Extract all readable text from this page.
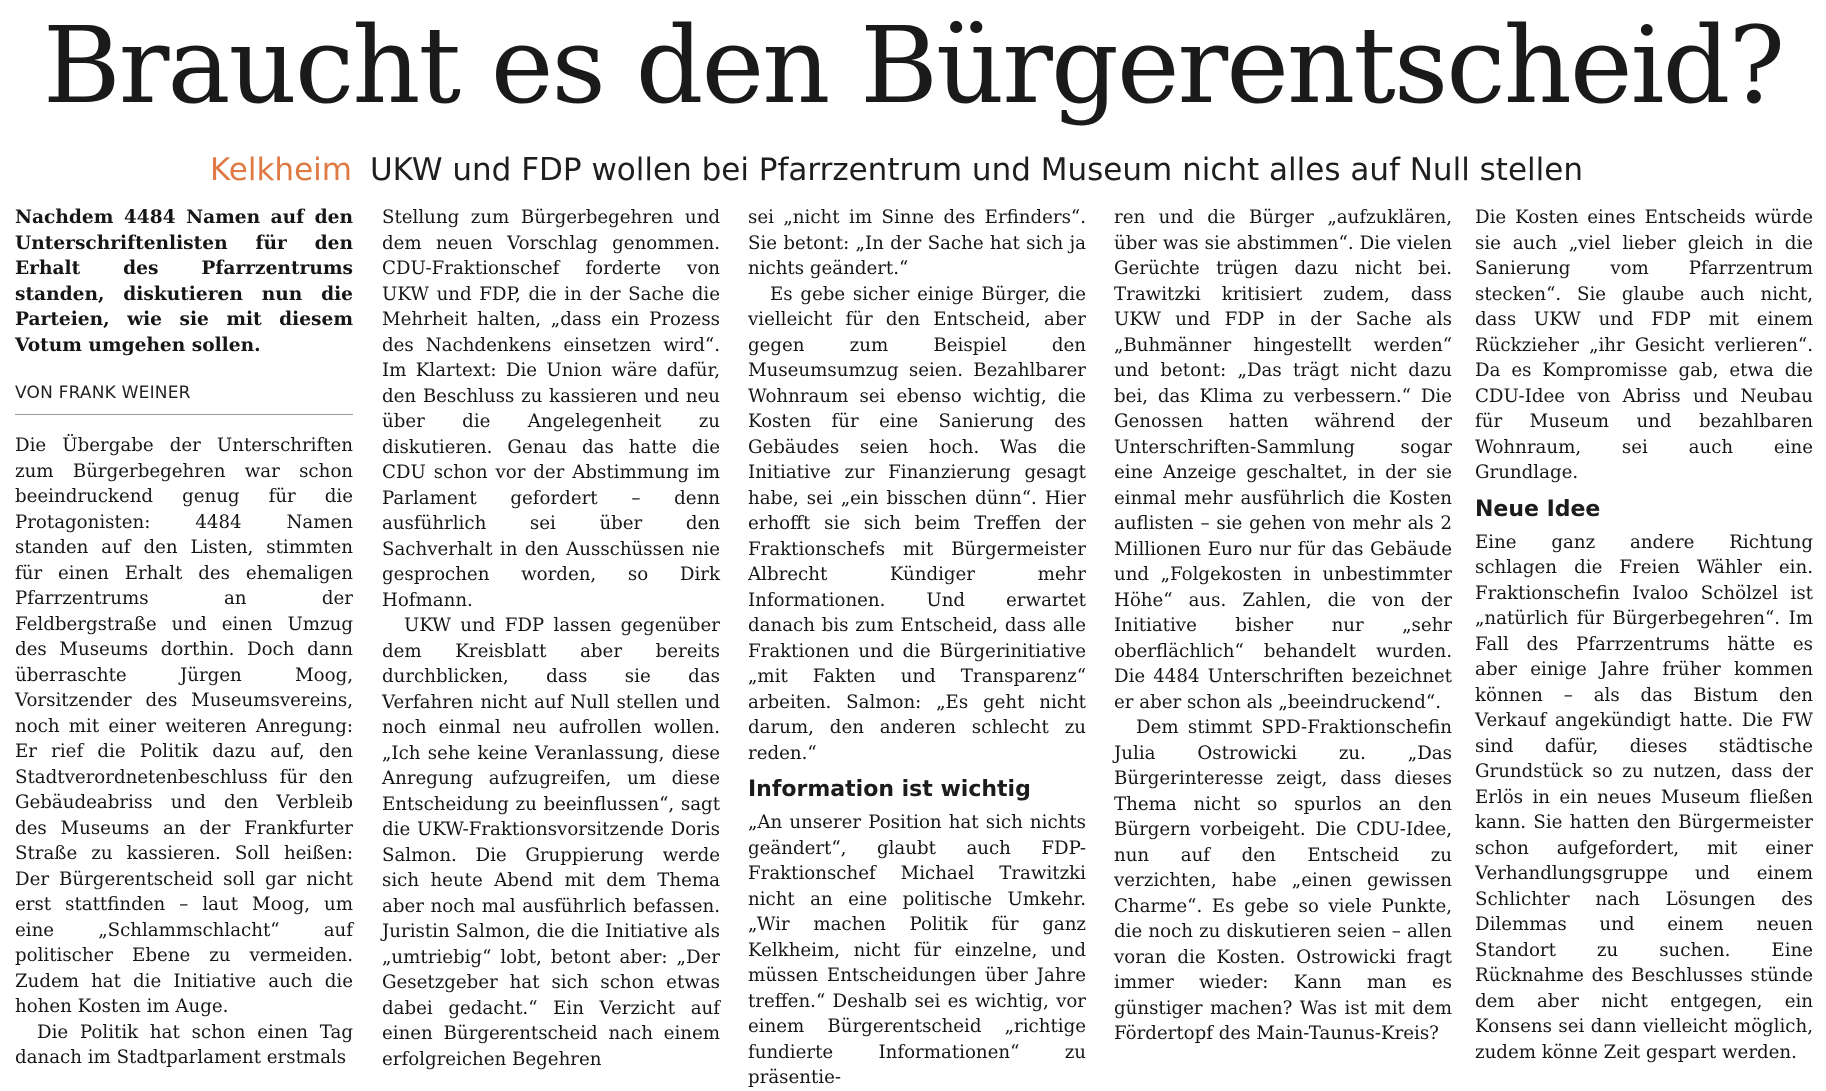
Braucht es den Bürgerentscheid?
Kelkheim UKW und FDP wollen bei Pfarrzentrum und Museum nicht alles auf Null stellen

Nachdem 4484 Namen auf den Unterschriftenlisten für den Erhalt des Pfarrzentrums standen, diskutieren nun die Parteien, wie sie mit diesem Votum umgehen sollen.

VON FRANK WEINER

Die Übergabe der Unterschriften zum Bürgerbegehren war schon beeindruckend genug für die Protagonisten: 4484 Namen standen auf den Listen, stimmten für einen Erhalt des ehemaligen Pfarrzentrums an der Feldbergstraße und einen Umzug des Museums dorthin. Doch dann überraschte Jürgen Moog, Vorsitzender des Museumsvereins, noch mit einer weiteren Anregung: Er rief die Politik dazu auf, den Stadtverordnetenbeschluss für den Gebäudeabriss und den Verbleib des Museums an der Frankfurter Straße zu kassieren. Soll heißen: Der Bürgerentscheid soll gar nicht erst stattfinden – laut Moog, um eine „Schlammschlacht“ auf politischer Ebene zu vermeiden. Zudem hat die Initiative auch die hohen Kosten im Auge.

Die Politik hat schon einen Tag danach im Stadtparlament erstmals

Stellung zum Bürgerbegehren und dem neuen Vorschlag genommen. CDU-Fraktionschef forderte von UKW und FDP, die in der Sache die Mehrheit halten, „dass ein Prozess des Nachdenkens einsetzen wird“. Im Klartext: Die Union wäre dafür, den Beschluss zu kassieren und neu über die Angelegenheit zu diskutieren. Genau das hatte die CDU schon vor der Abstimmung im Parlament gefordert – denn ausführlich sei über den Sachverhalt in den Ausschüssen nie gesprochen worden, so Dirk Hofmann.

UKW und FDP lassen gegenüber dem Kreisblatt aber bereits durchblicken, dass sie das Verfahren nicht auf Null stellen und noch einmal neu aufrollen wollen. „Ich sehe keine Veranlassung, diese Anregung aufzugreifen, um diese Entscheidung zu beeinflussen“, sagt die UKW-Fraktionsvorsitzende Doris Salmon. Die Gruppierung werde sich heute Abend mit dem Thema aber noch mal ausführlich befassen. Juristin Salmon, die die Initiative als „umtriebig“ lobt, betont aber: „Der Gesetzgeber hat sich schon etwas dabei gedacht.“ Ein Verzicht auf einen Bürgerentscheid nach einem erfolgreichen Begehren

sei „nicht im Sinne des Erfinders“. Sie betont: „In der Sache hat sich ja nichts geändert.“

Es gebe sicher einige Bürger, die vielleicht für den Entscheid, aber gegen zum Beispiel den Museumsumzug seien. Bezahlbarer Wohnraum sei ebenso wichtig, die Kosten für eine Sanierung des Gebäudes seien hoch. Was die Initiative zur Finanzierung gesagt habe, sei „ein bisschen dünn“. Hier erhofft sie sich beim Treffen der Fraktionschefs mit Bürgermeister Albrecht Kündiger mehr Informationen. Und erwartet danach bis zum Entscheid, dass alle Fraktionen und die Bürgerinitiative „mit Fakten und Transparenz“ arbeiten. Salmon: „Es geht nicht darum, den anderen schlecht zu reden.“

Information ist wichtig

„An unserer Position hat sich nichts geändert“, glaubt auch FDP-Fraktionschef Michael Trawitzki nicht an eine politische Umkehr. „Wir machen Politik für ganz Kelkheim, nicht für einzelne, und müssen Entscheidungen über Jahre treffen.“ Deshalb sei es wichtig, vor einem Bürgerentscheid „richtige fundierte Informationen“ zu präsentie-

ren und die Bürger „aufzuklären, über was sie abstimmen“. Die vielen Gerüchte trügen dazu nicht bei. Trawitzki kritisiert zudem, dass UKW und FDP in der Sache als „Buhmänner hingestellt werden“ und betont: „Das trägt nicht dazu bei, das Klima zu verbessern.“ Die Genossen hatten während der Unterschriften-Sammlung sogar eine Anzeige geschaltet, in der sie einmal mehr ausführlich die Kosten auflisten – sie gehen von mehr als 2 Millionen Euro nur für das Gebäude und „Folgekosten in unbestimmter Höhe“ aus. Zahlen, die von der Initiative bisher nur „sehr oberflächlich“ behandelt wurden. Die 4484 Unterschriften bezeichnet er aber schon als „beeindruckend“.

Dem stimmt SPD-Fraktionschefin Julia Ostrowicki zu. „Das Bürgerinteresse zeigt, dass dieses Thema nicht so spurlos an den Bürgern vorbeigeht. Die CDU-Idee, nun auf den Entscheid zu verzichten, habe „einen gewissen Charme“. Es gebe so viele Punkte, die noch zu diskutieren seien – allen voran die Kosten. Ostrowicki fragt immer wieder: Kann man es günstiger machen? Was ist mit dem Fördertopf des Main-Taunus-Kreis?

Die Kosten eines Entscheids würde sie auch „viel lieber gleich in die Sanierung vom Pfarrzentrum stecken“. Sie glaube auch nicht, dass UKW und FDP mit einem Rückzieher „ihr Gesicht verlieren“. Da es Kompromisse gab, etwa die CDU-Idee von Abriss und Neubau für Museum und bezahlbaren Wohnraum, sei auch eine Grundlage.

Neue Idee

Eine ganz andere Richtung schlagen die Freien Wähler ein. Fraktionschefin Ivaloo Schölzel ist „natürlich für Bürgerbegehren“. Im Fall des Pfarrzentrums hätte es aber einige Jahre früher kommen können – als das Bistum den Verkauf angekündigt hatte. Die FW sind dafür, dieses städtische Grundstück so zu nutzen, dass der Erlös in ein neues Museum fließen kann. Sie hatten den Bürgermeister schon aufgefordert, mit einer Verhandlungsgruppe und einem Schlichter nach Lösungen des Dilemmas und einem neuen Standort zu suchen. Eine Rücknahme des Beschlusses stünde dem aber nicht entgegen, ein Konsens sei dann vielleicht möglich, zudem könne Zeit gespart werden.
